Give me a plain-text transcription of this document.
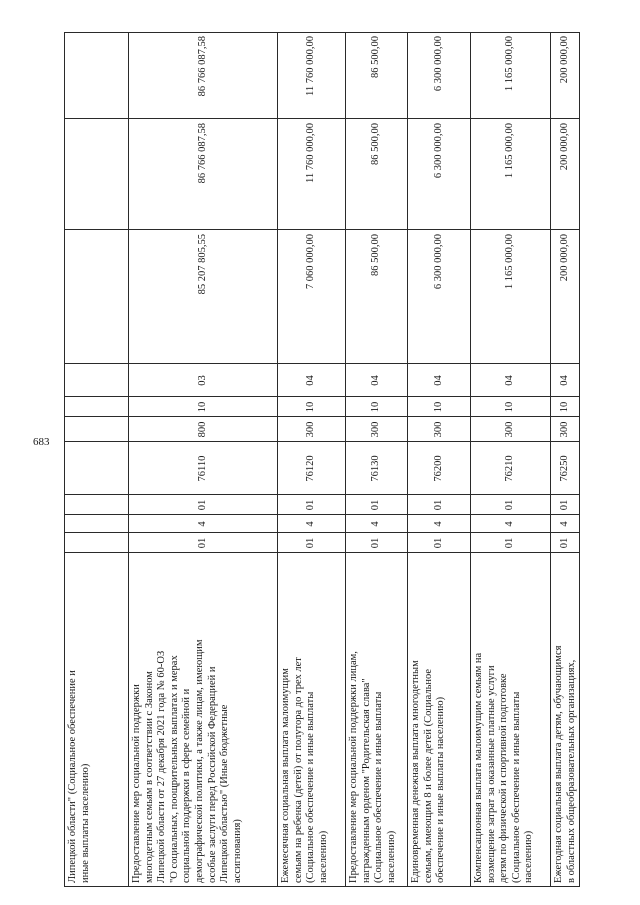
683
Липецкой области" (Социальное обеспечение и иные выплаты населению)	Предоставление мер социальной поддержки многодетным семьям в соответствии с Законом Липецкой области от 27 декабря 2021 года № 60-ОЗ "О социальных, поощрительных выплатах и мерах социальной поддержки в сфере семейной и демографической политики, а также лицам, имеющим особые заслуги перед Российской Федерацией и Липецкой областью" (Иные бюджетные ассигнования)
01
4
01
76110
800
10
03
85 207 805,55
86 766 087,58
86 766 087,58
Ежемесячная социальная выплата малоимущим семьям на ребенка (детей) от полутора до трех лет (Социальное обеспечение и иные выплаты населению)
01
4
01
76120
300
10
04
7 060 000,00
11 760 000,00
11 760 000,00
Предоставление мер социальной поддержки лицам, награжденным орденом "Родительская слава" (Социальное обеспечение и иные выплаты населению)
01
4
01
76130
300
10
04
86 500,00
86 500,00
86 500,00
Единовременная денежная выплата многодетным семьям, имеющим 8 и более детей (Социальное обеспечение и иные выплаты населению)
01
4
01
76200
300
10
04
6 300 000,00
6 300 000,00
6 300 000,00
Компенсационная выплата малоимущим семьям на возмещение затрат за оказанные платные услуги детям по физической и спортивной подготовке (Социальное обеспечение и иные выплаты населению)
01
4
01
76210
300
10
04
1 165 000,00
1 165 000,00
1 165 000,00
Ежегодная социальная выплата детям, обучающимся в областных общеобразовательных организациях,
01
4
01
76250
300
10
04
200 000,00
200 000,00
200 000,00
